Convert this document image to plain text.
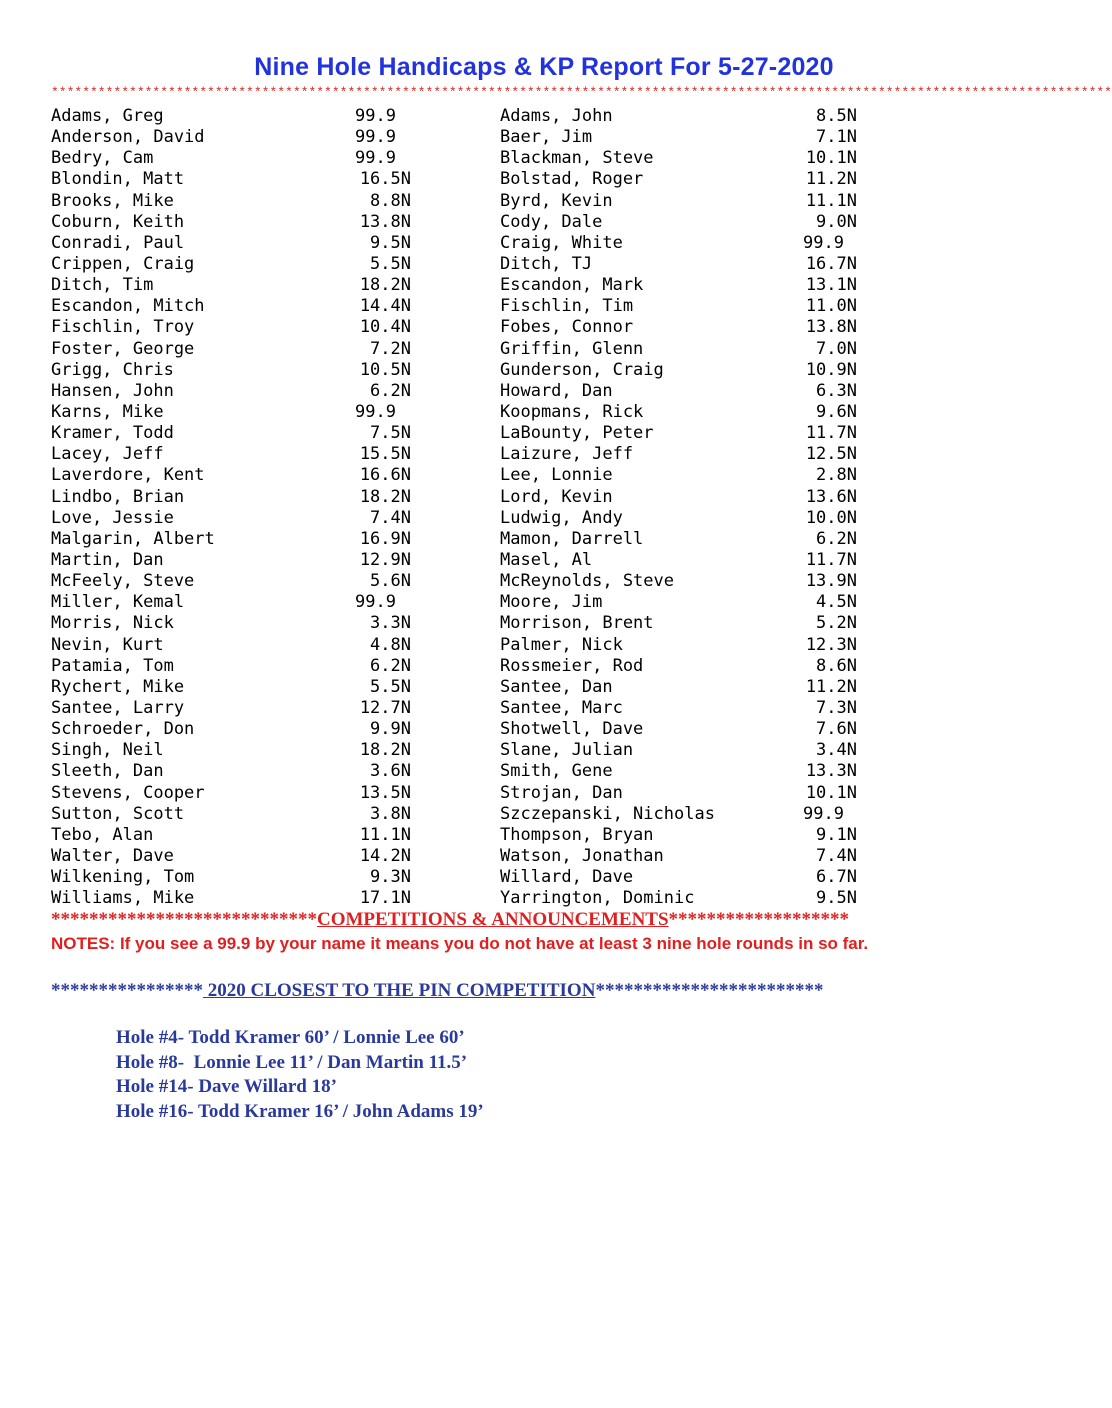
Nine Hole Handicaps & KP Report For 5-27-2020
****************************************************************************************************************************************
Adams, Greg	99.9	Adams, John	8.5N
Anderson, David	99.9	Baer, Jim	7.1N
Bedry, Cam	99.9	Blackman, Steve	10.1N
Blondin, Matt	16.5N	Bolstad, Roger	11.2N
Brooks, Mike	8.8N	Byrd, Kevin	11.1N
Coburn, Keith	13.8N	Cody, Dale	9.0N
Conradi, Paul	9.5N	Craig, White	99.9
Crippen, Craig	5.5N	Ditch, TJ	16.7N
Ditch, Tim	18.2N	Escandon, Mark	13.1N
Escandon, Mitch	14.4N	Fischlin, Tim	11.0N
Fischlin, Troy	10.4N	Fobes, Connor	13.8N
Foster, George	7.2N	Griffin, Glenn	7.0N
Grigg, Chris	10.5N	Gunderson, Craig	10.9N
Hansen, John	6.2N	Howard, Dan	6.3N
Karns, Mike	99.9	Koopmans, Rick	9.6N
Kramer, Todd	7.5N	LaBounty, Peter	11.7N
Lacey, Jeff	15.5N	Laizure, Jeff	12.5N
Laverdore, Kent	16.6N	Lee, Lonnie	2.8N
Lindbo, Brian	18.2N	Lord, Kevin	13.6N
Love, Jessie	7.4N	Ludwig, Andy	10.0N
Malgarin, Albert	16.9N	Mamon, Darrell	6.2N
Martin, Dan	12.9N	Masel, Al	11.7N
McFeely, Steve	5.6N	McReynolds, Steve	13.9N
Miller, Kemal	99.9	Moore, Jim	4.5N
Morris, Nick	3.3N	Morrison, Brent	5.2N
Nevin, Kurt	4.8N	Palmer, Nick	12.3N
Patamia, Tom	6.2N	Rossmeier, Rod	8.6N
Rychert, Mike	5.5N	Santee, Dan	11.2N
Santee, Larry	12.7N	Santee, Marc	7.3N
Schroeder, Don	9.9N	Shotwell, Dave	7.6N
Singh, Neil	18.2N	Slane, Julian	3.4N
Sleeth, Dan	3.6N	Smith, Gene	13.3N
Stevens, Cooper	13.5N	Strojan, Dan	10.1N
Sutton, Scott	3.8N	Szczepanski, Nicholas	99.9
Tebo, Alan	11.1N	Thompson, Bryan	9.1N
Walter, Dave	14.2N	Watson, Jonathan	7.4N
Wilkening, Tom	9.3N	Willard, Dave	6.7N
Williams, Mike	17.1N	Yarrington, Dominic	9.5N
****************************COMPETITIONS & ANNOUNCEMENTS*******************
NOTES: If you see a 99.9 by your name it means you do not have at least 3 nine hole rounds in so far.
**************** 2020 CLOSEST TO THE PIN COMPETITION************************
Hole #4- Todd Kramer 60’ / Lonnie Lee 60’
Hole #8-  Lonnie Lee 11’ / Dan Martin 11.5’
Hole #14- Dave Willard 18’
Hole #16- Todd Kramer 16’ / John Adams 19’
